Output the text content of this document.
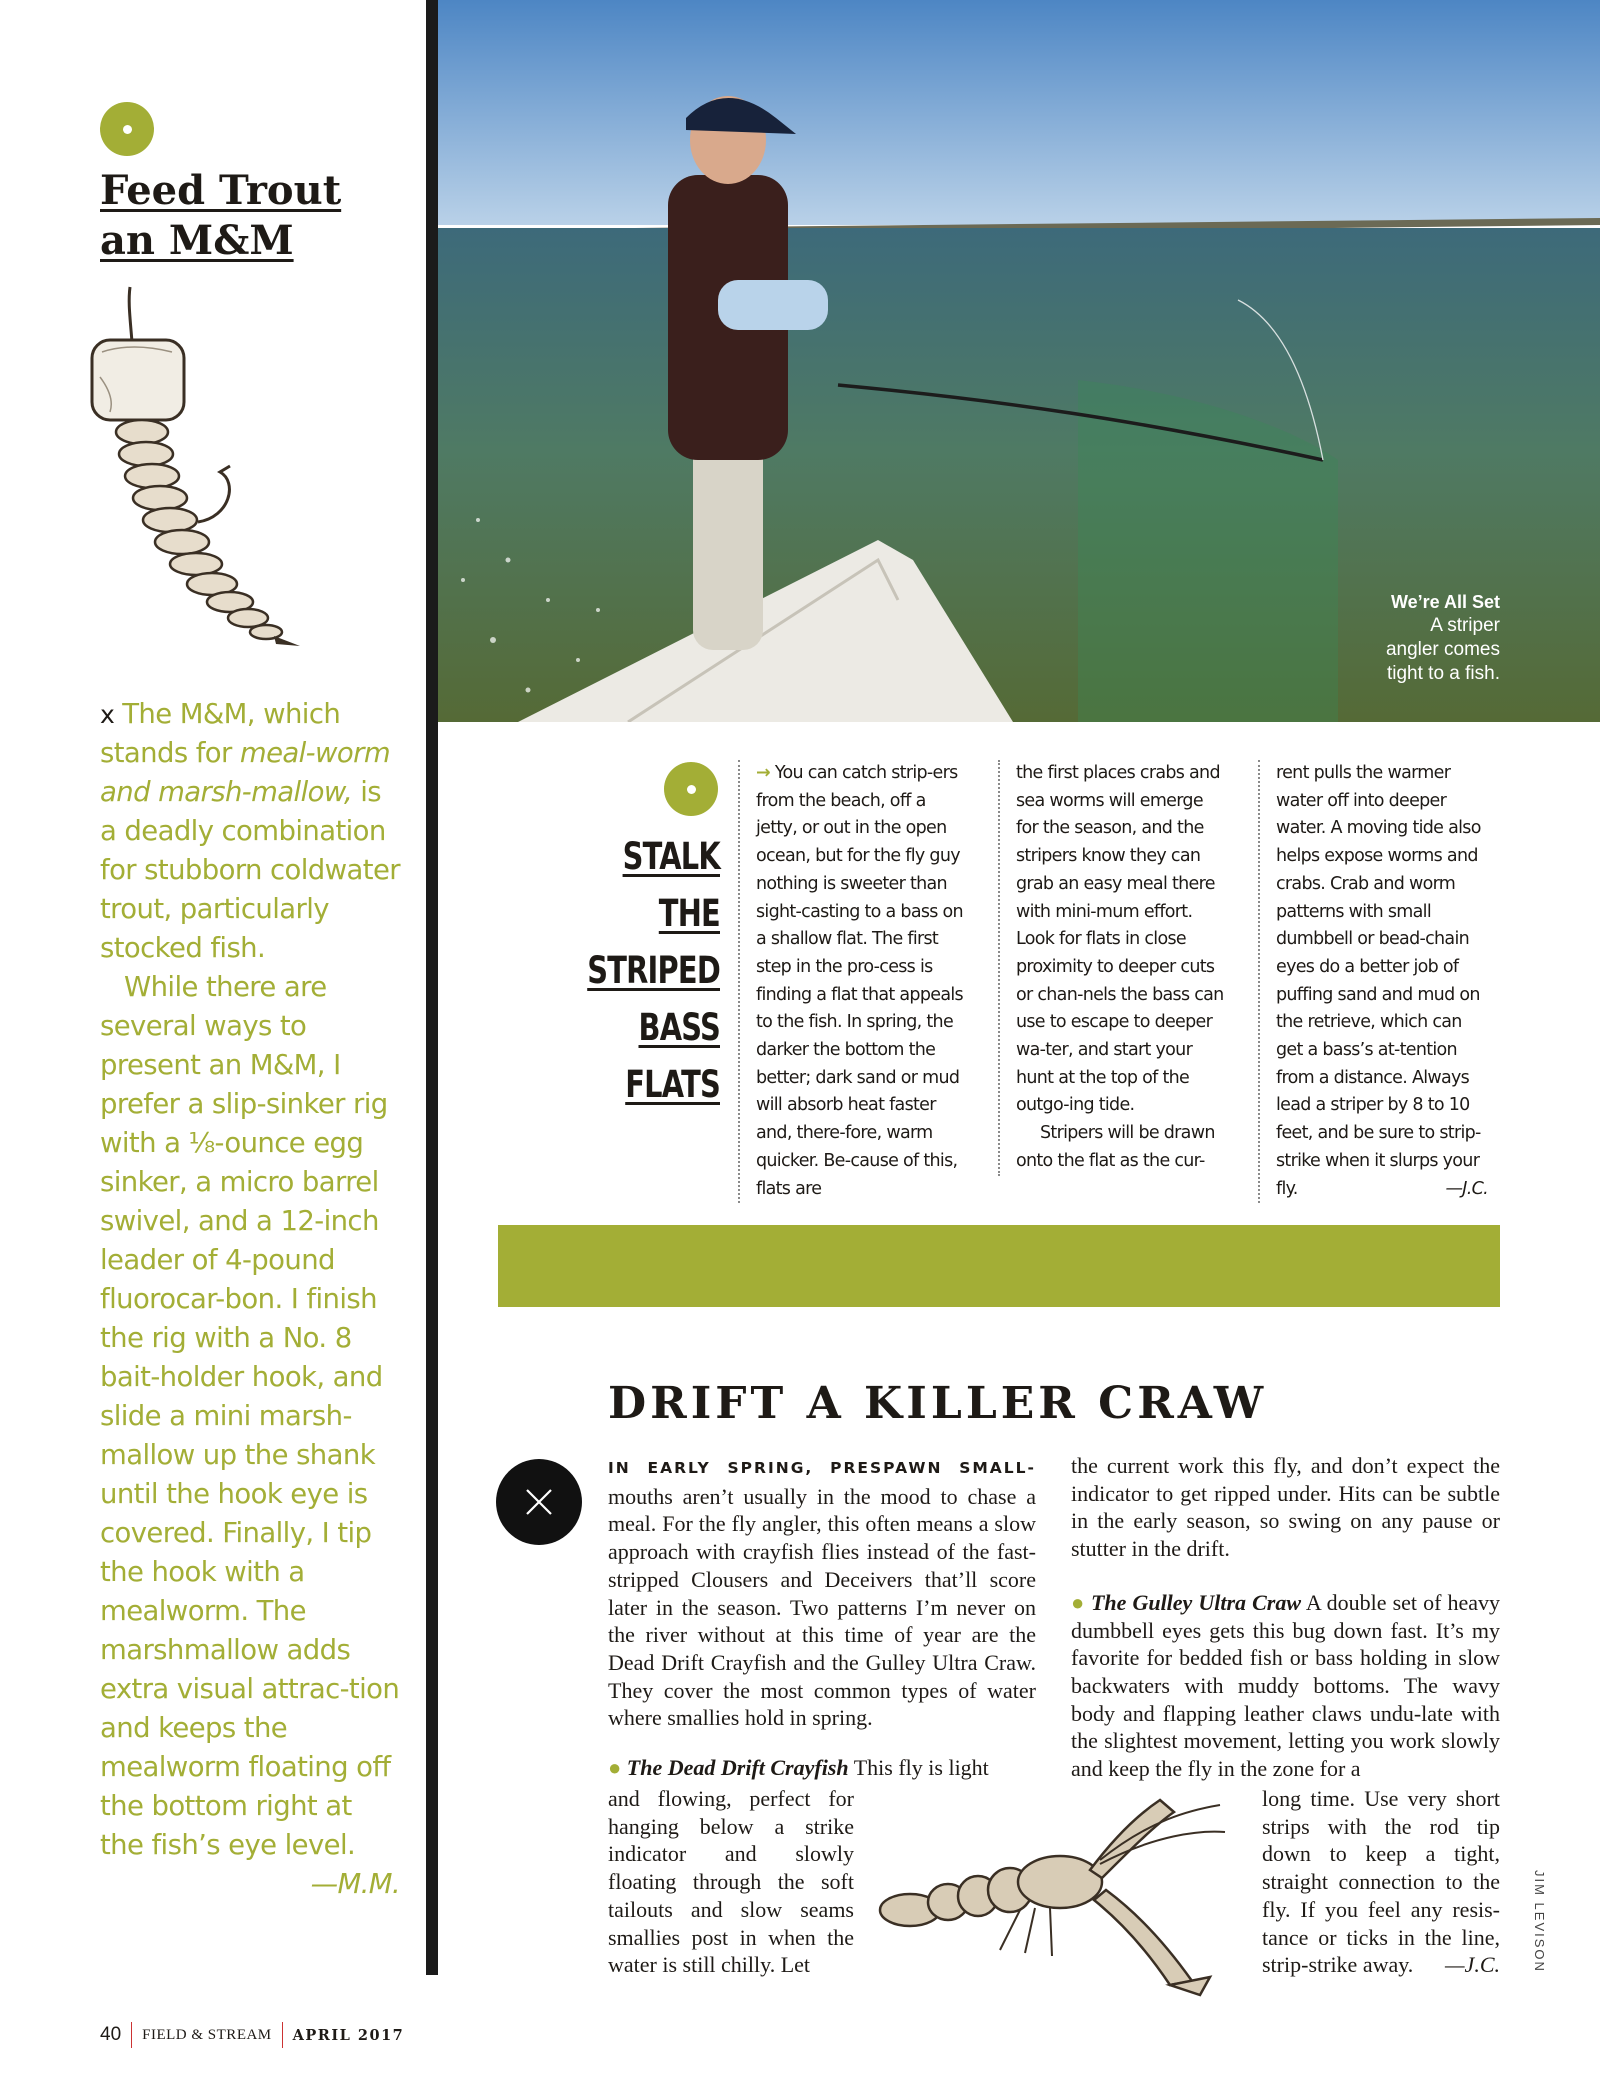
Feed Trout
an M&M

x The M&M, which stands for meal-worm and marsh-mallow, is a deadly combination for stubborn coldwater trout, particularly stocked fish.

While there are several ways to present an M&M, I prefer a slip-sinker rig with a ⅛-ounce egg sinker, a micro barrel swivel, and a 12-inch leader of 4-pound fluorocar-bon. I finish the rig with a No. 8 bait-holder hook, and slide a mini marsh-mallow up the shank until the hook eye is covered. Finally, I tip the hook with a mealworm. The marshmallow adds extra visual attrac-tion and keeps the mealworm floating off the bottom right at the fish’s eye level.
—M.M.

We’re All Set
A striper
angler comes
tight to a fish.
STALK THE
STRIPED
BASS FLATS

→ You can catch strip-ers from the beach, off a jetty, or out in the open ocean, but for the fly guy nothing is sweeter than sight-casting to a bass on a shallow flat. The first step in the pro-cess is finding a flat that appeals to the fish. In spring, the darker the bottom the better; dark sand or mud will absorb heat faster and, there-fore, warm quicker. Be-cause of this, flats are

the first places crabs and sea worms will emerge for the season, and the stripers know they can grab an easy meal there with mini-mum effort. Look for flats in close proximity to deeper cuts or chan-nels the bass can use to escape to deeper wa-ter, and start your hunt at the top of the outgo-ing tide.

Stripers will be drawn onto the flat as the cur-

rent pulls the warmer water off into deeper water. A moving tide also helps expose worms and crabs. Crab and worm patterns with small dumbbell or bead-chain eyes do a better job of puffing sand and mud on the retrieve, which can get a bass’s at-tention from a distance. Always lead a striper by 8 to 10 feet, and be sure to strip-strike when it slurps your fly.	—J.C.

DRIFT A KILLER CRAW

IN EARLY SPRING, PRESPAWN SMALL- mouths aren’t usually in the mood to chase a meal. For the fly angler, this often means a slow approach with crayfish flies instead of the fast-stripped Clousers and Deceivers that’ll score later in the season. Two patterns I’m never on the river without at this time of year are the Dead Drift Crayfish and the Gulley Ultra Craw. They cover the most common types of water where smallies hold in spring.

● The Dead Drift Crayfish This fly is light

and flowing, perfect for hanging below a strike indicator and slowly floating through the soft tailouts and slow seams smallies post in when the water is still chilly. Let

the current work this fly, and don’t expect the indicator to get ripped under. Hits can be subtle in the early season, so swing on any pause or stutter in the drift.

● The Gulley Ultra Craw A double set of heavy dumbbell eyes gets this bug down fast. It’s my favorite for bedded fish or bass holding in slow backwaters with muddy bottoms. The wavy body and flapping leather claws undu-late with the slightest movement, letting you work slowly and keep the fly in the zone for a

long time. Use very short strips with the rod tip down to keep a tight, straight connection to the fly. If you feel any resis-tance or ticks in the line, strip-strike away. —J.C. JIM LEVISON
40 FIELD & STREAM APRIL 2017
